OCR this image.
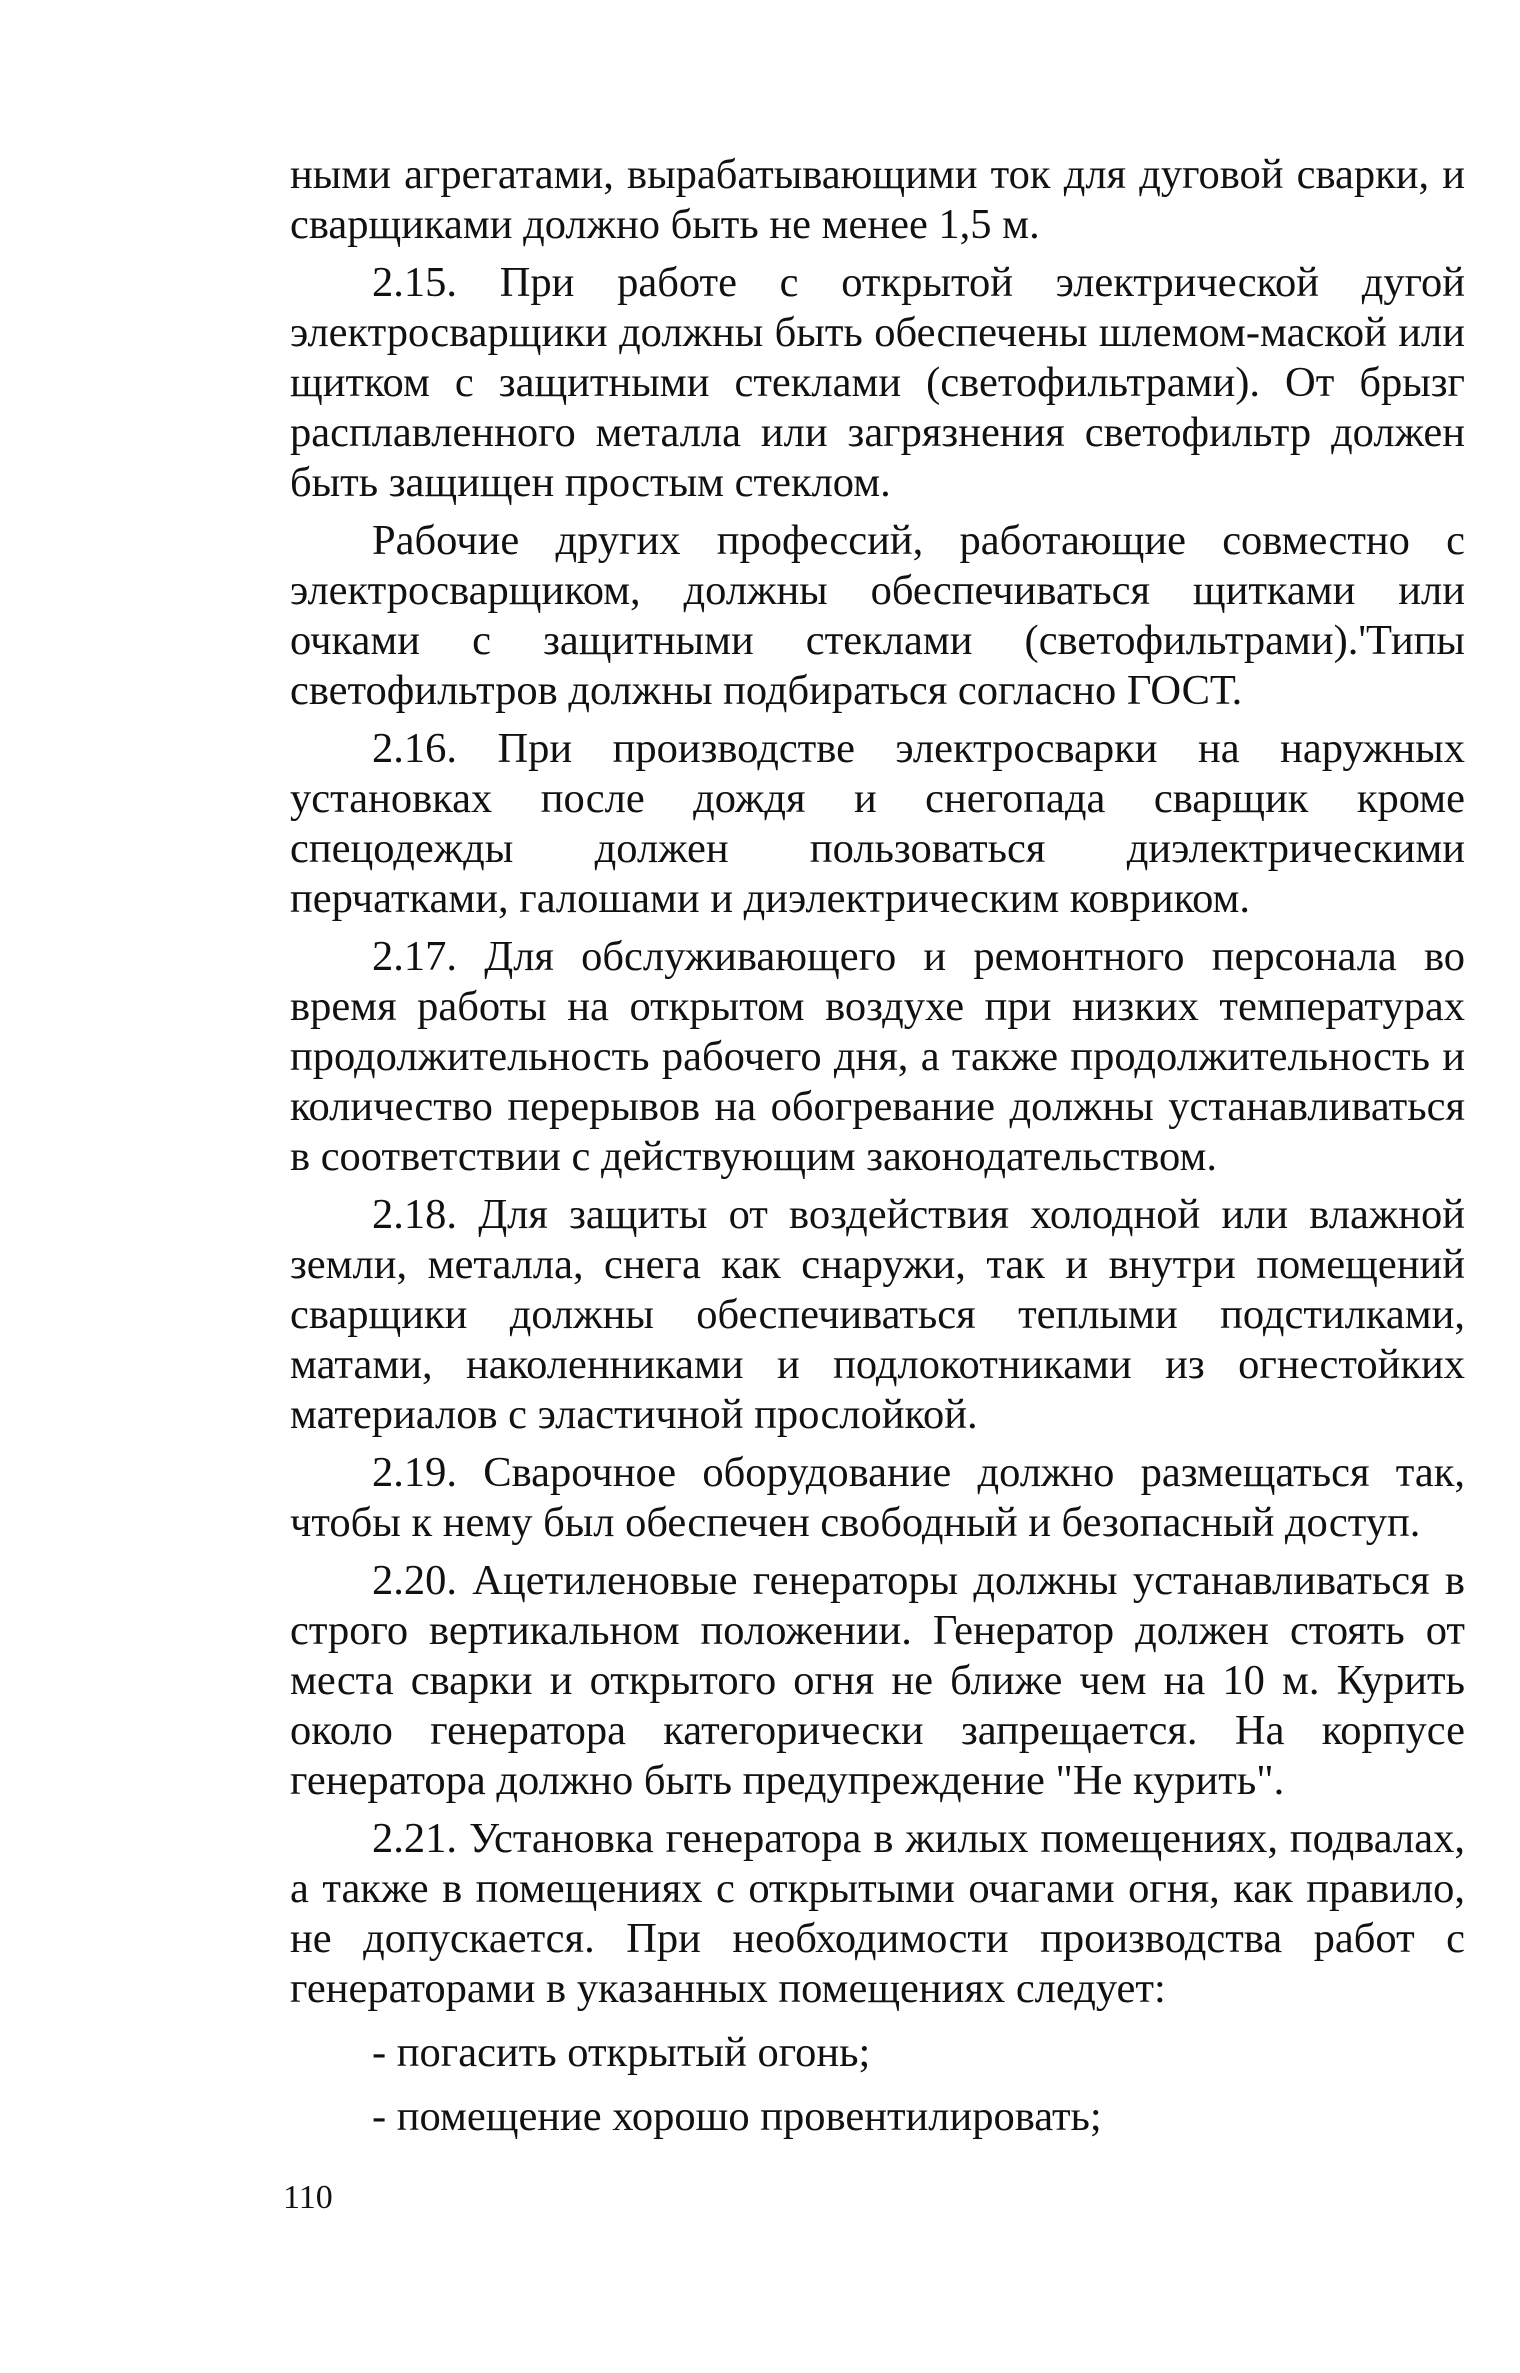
ными агрегатами, вырабатывающими ток для дуговой сварки, и сварщиками должно быть не менее 1,5 м.

2.15. При работе с открытой электрической дугой электросварщики должны быть обеспечены шлемом-маской или щитком с защитными стеклами (светофильтрами). От брызг расплавленного металла или загрязнения светофильтр должен быть защищен простым стеклом.

Рабочие других профессий, работающие совместно с электросварщиком, должны обеспечиваться щитками или очками с защитными стеклами (светофильтрами).'Типы светофильтров должны подбираться согласно ГОСТ.

2.16. При производстве электросварки на наружных установках после дождя и снегопада сварщик кроме спецодежды должен пользоваться диэлектрическими перчатками, галошами и диэлектрическим ковриком.

2.17. Для обслуживающего и ремонтного персонала во время работы на открытом воздухе при низких температурах продолжительность рабочего дня, а также продолжительность и количество перерывов на обогревание должны устанавливаться в соответствии с действующим законодательством.

2.18. Для защиты от воздействия холодной или влажной земли, металла, снега как снаружи, так и внутри помещений сварщики должны обеспечиваться теплыми подстилками, матами, наколенниками и подлокотниками из огнестойких материалов с эластичной прослойкой.

2.19. Сварочное оборудование должно размещаться так, чтобы к нему был обеспечен свободный и безопасный доступ.

2.20. Ацетиленовые генераторы должны устанавливаться в строго вертикальном положении. Генератор должен стоять от места сварки и открытого огня не ближе чем на 10 м. Курить около генератора категорически запрещается. На корпусе генератора должно быть предупреждение "Не курить".

2.21. Установка генератора в жилых помещениях, подвалах, а также в помещениях с открытыми очагами огня, как правило, не допускается. При необходимости производства работ с генераторами в указанных помещениях следует:

- погасить открытый огонь;
- помещение хорошо провентилировать;
110
